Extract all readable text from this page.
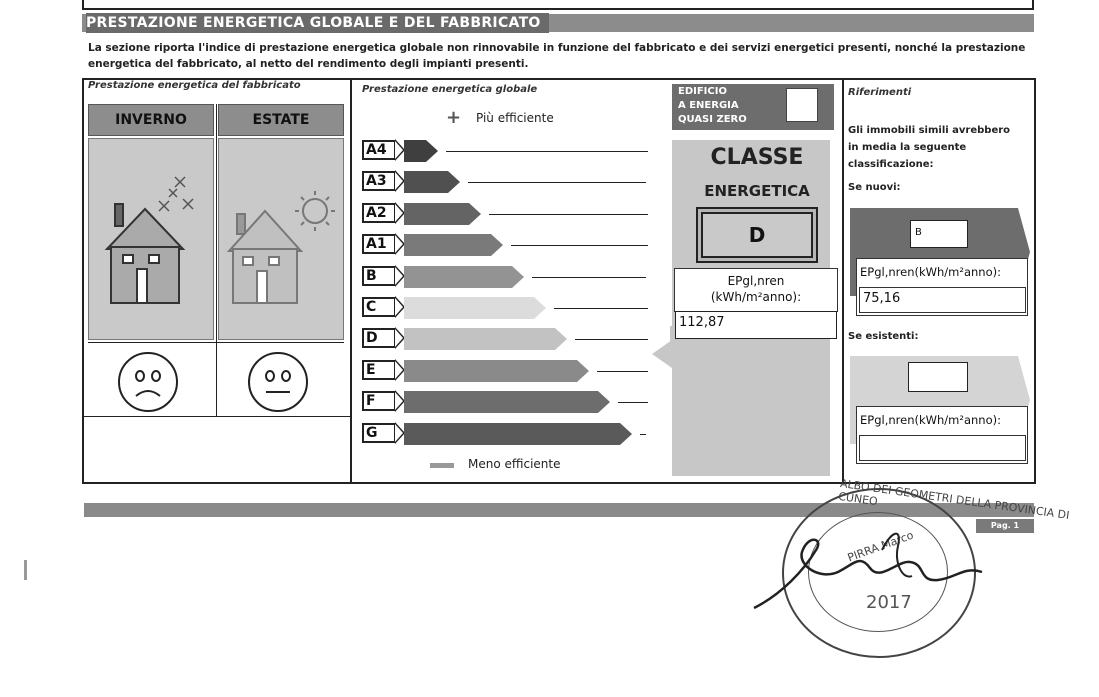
PRESTAZIONE ENERGETICA GLOBALE E DEL FABBRICATO
La sezione riporta l'indice di prestazione energetica globale non rinnovabile in funzione del fabbricato e dei servizi energetici presenti, nonché la prestazione
energetica del fabbricato, al netto del rendimento degli impianti presenti.
Prestazione energetica del fabbricato
INVERNO	ESTATE
Prestazione energetica globale
+ Più efficiente
A4
A3
A2
A1
B
C
D
E
F
G
Meno efficiente
EDIFICIO
A ENERGIA
QUASI ZERO
CLASSE
ENERGETICA
D
EPgl,nren
(kWh/m²anno):
112,87
Riferimenti
Gli immobili simili avrebbero
in media la seguente
classificazione:
Se nuovi:
B
EPgl,nren(kWh/m²anno):
75,16
Se esistenti:
EPgl,nren(kWh/m²anno):
Pag. 1
ALBO DEI GEOMETRI DELLA PROVINCIA DI CUNEO
PIRRA Marco
2017
